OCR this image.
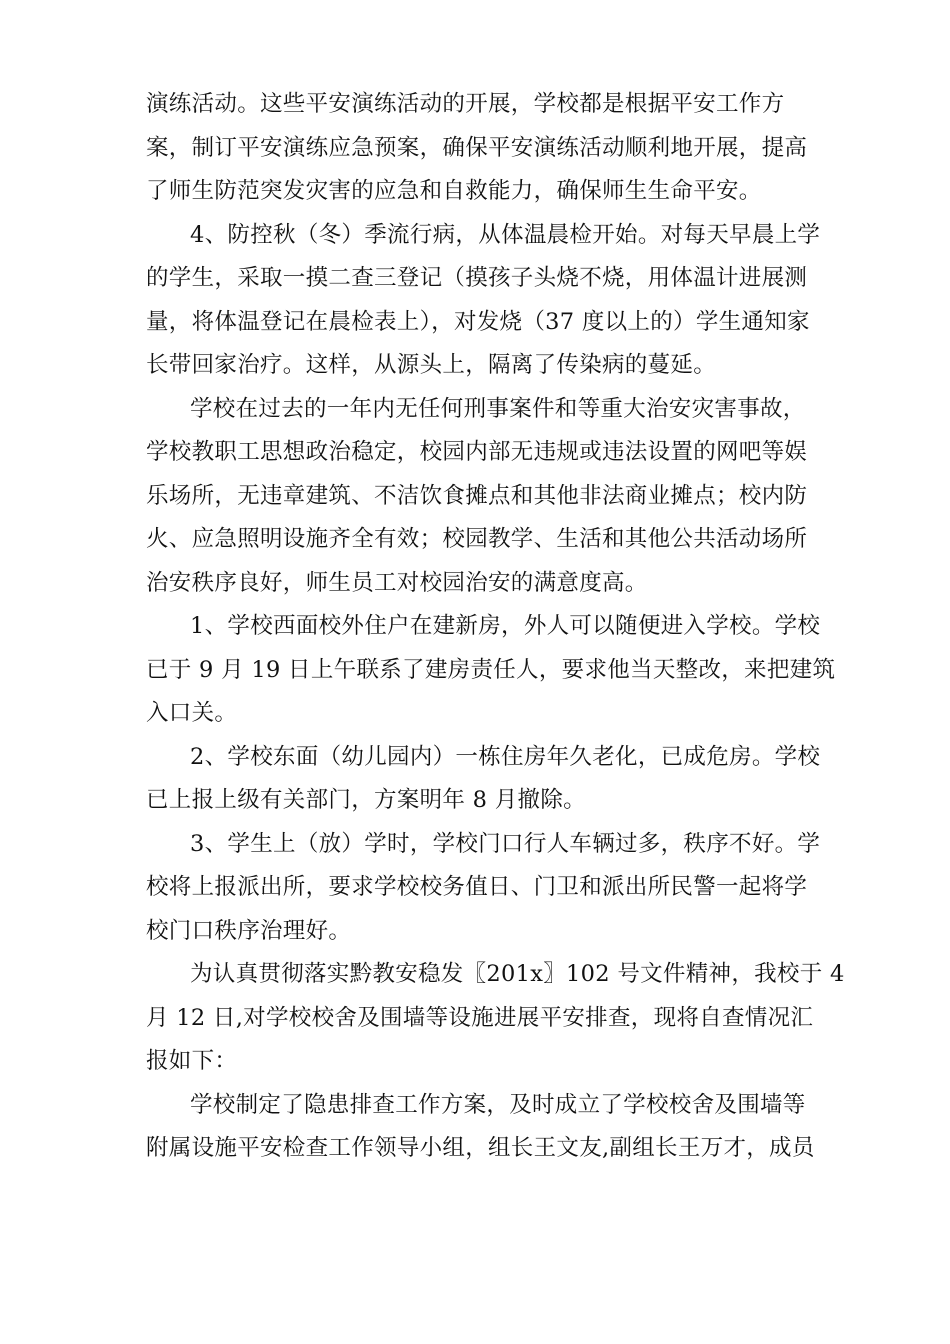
演练活动。这些平安演练活动的开展，学校都是根据平安工作方
案，制订平安演练应急预案，确保平安演练活动顺利地开展，提高
了师生防范突发灾害的应急和自救能力，确保师生生命平安。
4、防控秋（冬）季流行病，从体温晨检开始。对每天早晨上学
的学生，采取一摸二查三登记（摸孩子头烧不烧，用体温计进展测
量，将体温登记在晨检表上），对发烧（37 度以上的）学生通知家
长带回家治疗。这样，从源头上，隔离了传染病的蔓延。
学校在过去的一年内无任何刑事案件和等重大治安灾害事故，
学校教职工思想政治稳定，校园内部无违规或违法设置的网吧等娱
乐场所，无违章建筑、不洁饮食摊点和其他非法商业摊点；校内防
火、应急照明设施齐全有效；校园教学、生活和其他公共活动场所
治安秩序良好，师生员工对校园治安的满意度高。
1、学校西面校外住户在建新房，外人可以随便进入学校。学校
已于 9 月 19 日上午联系了建房责任人，要求他当天整改，来把建筑
入口关。
2、学校东面（幼儿园内）一栋住房年久老化，已成危房。学校
已上报上级有关部门，方案明年 8 月撤除。
3、学生上（放）学时，学校门口行人车辆过多，秩序不好。学
校将上报派出所，要求学校校务值日、门卫和派出所民警一起将学
校门口秩序治理好。
为认真贯彻落实黔教安稳发〖201x〗102 号文件精神，我校于 4
月 12 日,对学校校舍及围墙等设施进展平安排查，现将自查情况汇
报如下：
学校制定了隐患排查工作方案，及时成立了学校校舍及围墙等
附属设施平安检查工作领导小组，组长王文友,副组长王万才，成员
